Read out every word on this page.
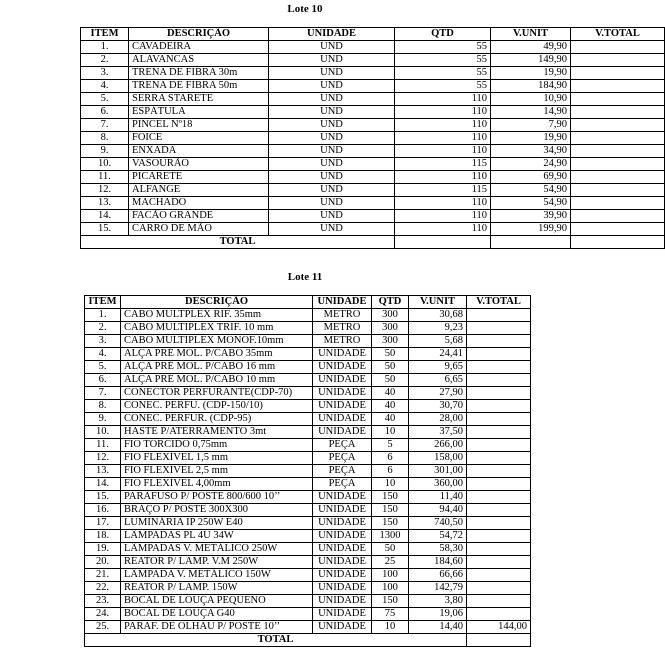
Lote 10
ITEM	DESCRIÇÃO	UNIDADE	QTD	V.UNIT	V.TOTAL
1.	CAVADEIRA	UND	55	49,90	
2.	ALAVANCAS	UND	55	149,90	
3.	TRENA DE FIBRA 30m	UND	55	19,90	
4.	TRENA DE FIBRA 50m	UND	55	184,90	
5.	SERRA STARETE	UND	110	10,90	
6.	ESPÁTULA	UND	110	14,90	
7.	PINCEL Nº18	UND	110	7,90	
8.	FOICE	UND	110	19,90	
9.	ENXADA	UND	110	34,90	
10.	VASOURÃO	UND	115	24,90	
11.	PICARETE	UND	110	69,90	
12.	ALFANGE	UND	115	54,90	
13.	MACHADO	UND	110	54,90	
14.	FACÃO GRANDE	UND	110	39,90	
15.	CARRO DE MÃO	UND	110	199,90	
TOTAL					
Lote 11
ITEM	DESCRIÇÃO	UNIDADE	QTD	V.UNIT	V.TOTAL
1.	CABO MULTPLEX RIF. 35mm	METRO	300	30,68	
2.	CABO MULTIPLEX TRIF. 10 mm	METRO	300	9,23	
3.	CABO MULTIPLEX MONOF.10mm	METRO	300	5,68	
4.	ALÇA PRÉ MOL. P/CABO 35mm	UNIDADE	50	24,41	
5.	ALÇA PRÉ MOL. P/CABO 16 mm	UNIDADE	50	9,65	
6.	ALÇA PRÉ MOL. P/CABO 10 mm	UNIDADE	50	6,65	
7.	CONECTOR PERFURANTE(CDP-70)	UNIDADE	40	27,90	
8.	CONEC. PERFU. (CDP-150/10)	UNIDADE	40	30,70	
9.	CONEC. PERFUR. (CDP-95)	UNIDADE	40	28,00	
10.	HASTE P/ATERRAMENTO 3mt	UNIDADE	10	37,50	
11.	FIO TORCIDO 0,75mm	PEÇA	5	266,00	
12.	FIO FLEXÍVEL 1,5 mm	PEÇA	6	158,00	
13.	FIO FLEXÍVEL 2,5 mm	PEÇA	6	301,00	
14.	FIO FLEXÍVEL 4,00mm	PEÇA	10	360,00	
15.	PARAFUSO P/ POSTE 800/600 10’’	UNIDADE	150	11,40	
16.	BRAÇO P/ POSTE 300X300	UNIDADE	150	94,40	
17.	LUMINÁRIA IP 250W E40	UNIDADE	150	740,50	
18.	LÂMPADAS PL 4U 34W	UNIDADE	1300	54,72	
19.	LÂMPADAS V. METÁLICO 250W	UNIDADE	50	58,30	
20.	REATOR P/ LAMP. V.M 250W	UNIDADE	25	184,60	
21.	LÂMPADA V. METÁLICO 150W	UNIDADE	100	66,66	
22.	REATOR P/ LAMP. 150W	UNIDADE	100	142,79	
23.	BOCAL DE LOUÇA PEQUENO	UNIDADE	150	3,80	
24.	BOCAL DE LOUÇA G40	UNIDADE	75	19,06	
25.	PARAF. DE OLHAU P/ POSTE 10’’	UNIDADE	10	14,40	144,00
TOTAL					
